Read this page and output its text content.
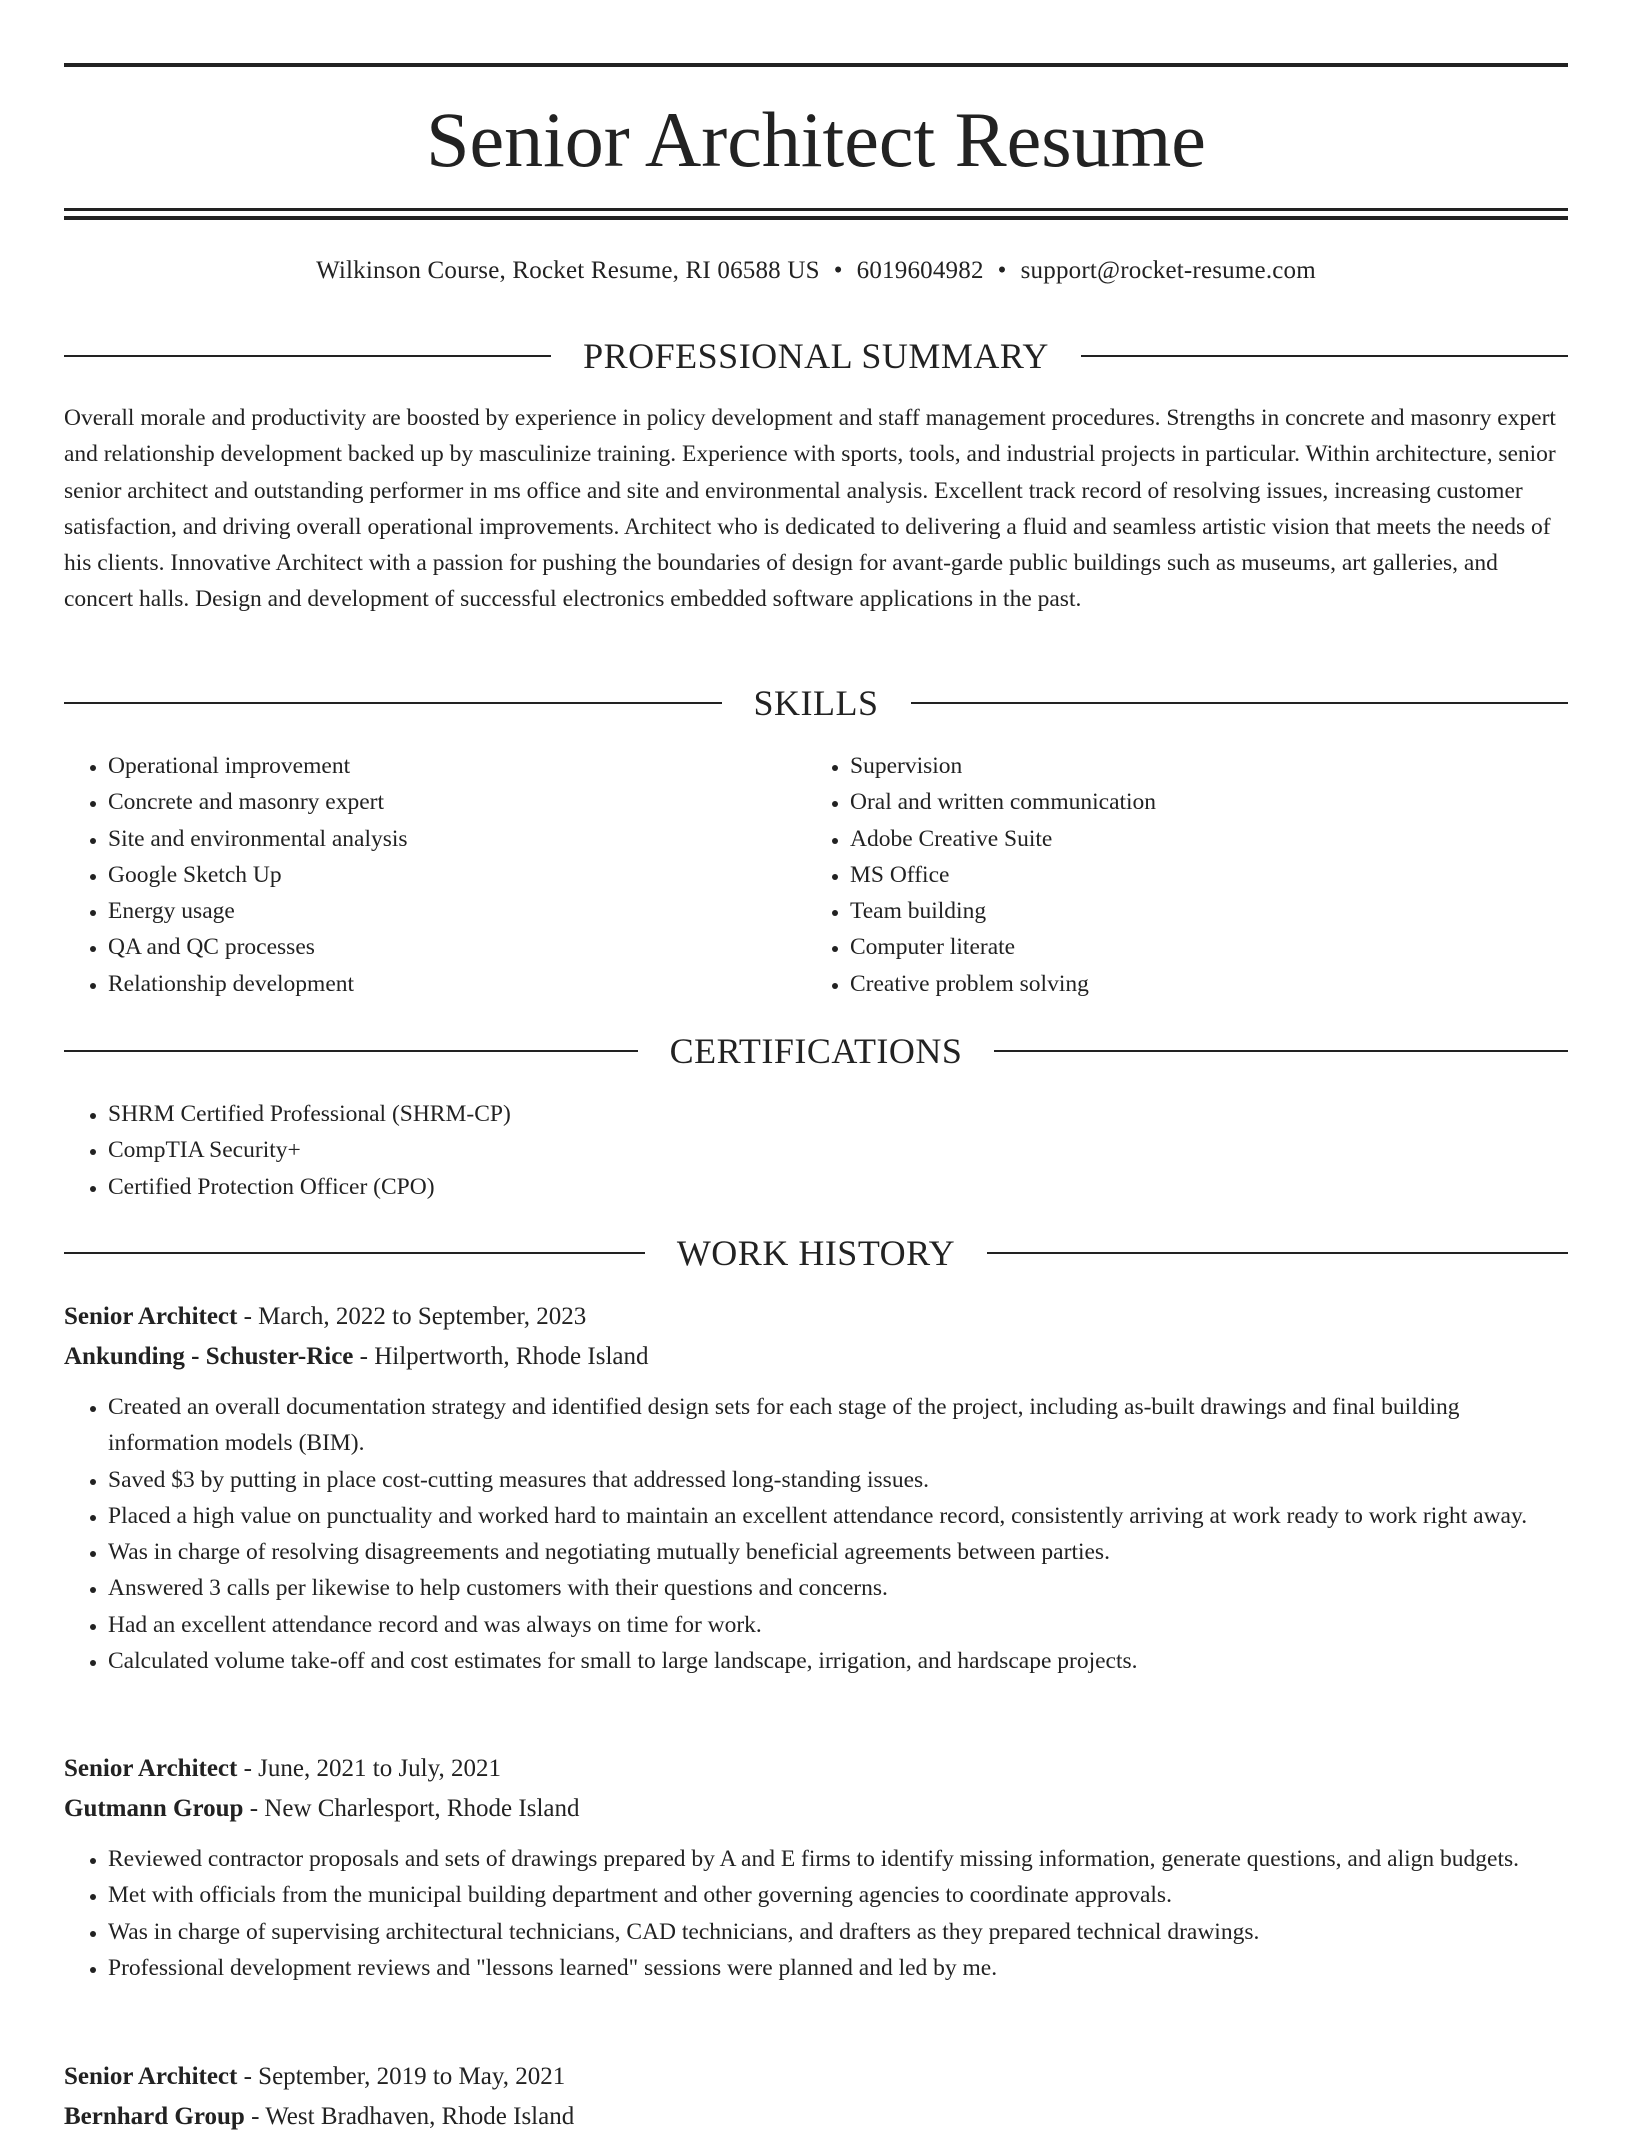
Senior Architect Resume
Wilkinson Course, Rocket Resume, RI 06588 US • 6019604982 • support@rocket-resume.com
PROFESSIONAL SUMMARY

Overall morale and productivity are boosted by experience in policy development and staff management procedures. Strengths in concrete and masonry expert and relationship development backed up by masculinize training. Experience with sports, tools, and industrial projects in particular. Within architecture, senior senior architect and outstanding performer in ms office and site and environmental analysis. Excellent track record of resolving issues, increasing customer satisfaction, and driving overall operational improvements. Architect who is dedicated to delivering a fluid and seamless artistic vision that meets the needs of his clients. Innovative Architect with a passion for pushing the boundaries of design for avant-garde public buildings such as museums, art galleries, and concert halls. Design and development of successful electronics embedded software applications in the past.

SKILLS
• Operational improvement
• Concrete and masonry expert
• Site and environmental analysis
• Google Sketch Up
• Energy usage
• QA and QC processes
• Relationship development
• Supervision
• Oral and written communication
• Adobe Creative Suite
• MS Office
• Team building
• Computer literate
• Creative problem solving
CERTIFICATIONS
• SHRM Certified Professional (SHRM-CP)
• CompTIA Security+
• Certified Protection Officer (CPO)
WORK HISTORY

Senior Architect - March, 2022 to September, 2023

Ankunding - Schuster-Rice - Hilpertworth, Rhode Island

• Created an overall documentation strategy and identified design sets for each stage of the project, including as-built drawings and final building information models (BIM).
• Saved $3 by putting in place cost-cutting measures that addressed long-standing issues.
• Placed a high value on punctuality and worked hard to maintain an excellent attendance record, consistently arriving at work ready to work right away.
• Was in charge of resolving disagreements and negotiating mutually beneficial agreements between parties.
• Answered 3 calls per likewise to help customers with their questions and concerns.
• Had an excellent attendance record and was always on time for work.
• Calculated volume take-off and cost estimates for small to large landscape, irrigation, and hardscape projects.

Senior Architect - June, 2021 to July, 2021

Gutmann Group - New Charlesport, Rhode Island

• Reviewed contractor proposals and sets of drawings prepared by A and E firms to identify missing information, generate questions, and align budgets.
• Met with officials from the municipal building department and other governing agencies to coordinate approvals.
• Was in charge of supervising architectural technicians, CAD technicians, and drafters as they prepared technical drawings.
• Professional development reviews and "lessons learned" sessions were planned and led by me.

Senior Architect - September, 2019 to May, 2021

Bernhard Group - West Bradhaven, Rhode Island
